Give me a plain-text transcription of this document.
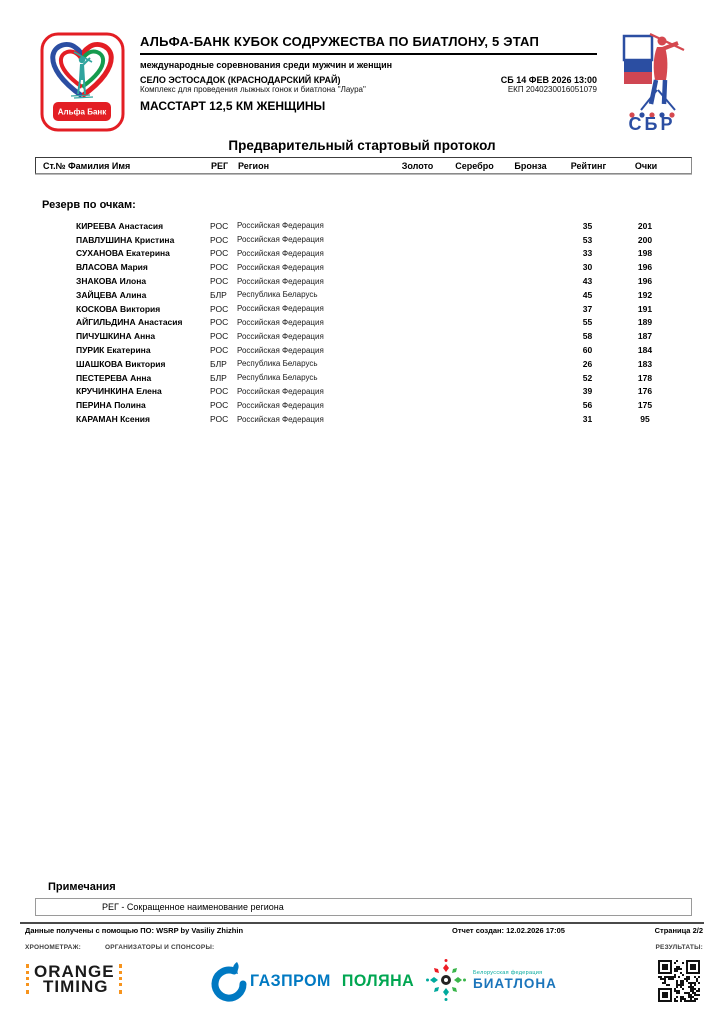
Альфа Банк
АЛЬФА-БАНК КУБОК СОДРУЖЕСТВА ПО БИАТЛОНУ, 5 ЭТАП
международные соревнования среди мужчин и женщин
СЕЛО ЭСТОСАДОК (КРАСНОДАРСКИЙ КРАЙ)	СБ 14 ФЕВ 2026 13:00
Комплекс для проведения лыжных гонок и биатлона "Лаура"	ЕКП 2040230016051079
МАССТАРТ 12,5 КМ ЖЕНЩИНЫ
СБР
Предварительный стартовый протокол
Ст.№ Фамилия Имя	РЕГ	Регион	Золото	Серебро	Бронза	Рейтинг	Очки
Резерв по очкам:
КИРЕЕВА Анастасия	РОС	Российская Федерация	35	201
ПАВЛУШИНА Кристина	РОС	Российская Федерация	53	200
СУХАНОВА Екатерина	РОС	Российская Федерация	33	198
ВЛАСОВА Мария	РОС	Российская Федерация	30	196
ЗНАКОВА Илона	РОС	Российская Федерация	43	196
ЗАЙЦЕВА Алина	БЛР	Республика Беларусь	45	192
КОСКОВА Виктория	РОС	Российская Федерация	37	191
АЙГИЛЬДИНА Анастасия	РОС	Российская Федерация	55	189
ПИЧУШКИНА Анна	РОС	Российская Федерация	58	187
ПУРИК Екатерина	РОС	Российская Федерация	60	184
ШАШКОВА Виктория	БЛР	Республика Беларусь	26	183
ПЕСТЕРЕВА Анна	БЛР	Республика Беларусь	52	178
КРУЧИНКИНА Елена	РОС	Российская Федерация	39	176
ПЕРИНА Полина	РОС	Российская Федерация	56	175
КАРАМАН Ксения	РОС	Российская Федерация	31	95
Примечания
РЕГ - Сокращенное наименование региона
Данные получены с помощью ПО: WSRP by Vasiliy Zhizhin	Отчет создан: 12.02.2026 17:05	Страница 2/2
ХРОНОМЕТРАЖ:	ОРГАНИЗАТОРЫ И СПОНСОРЫ:	РЕЗУЛЬТАТЫ:
ORANGE
TIMING	ГАЗПРОМ ПОЛЯНА
Белорусская федерация
БИАТЛОНА
